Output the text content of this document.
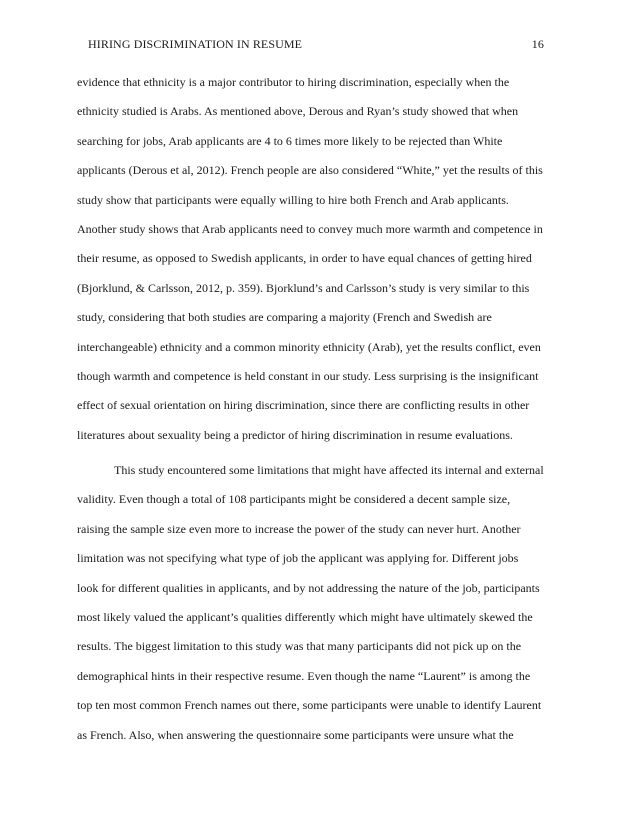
HIRING DISCRIMINATION IN RESUME	16
evidence that ethnicity is a major contributor to hiring discrimination, especially when the
ethnicity studied is Arabs. As mentioned above, Derous and Ryan’s study showed that when
searching for jobs, Arab applicants are 4 to 6 times more likely to be rejected than White
applicants (Derous et al, 2012). French people are also considered “White,” yet the results of this
study show that participants were equally willing to hire both French and Arab applicants.
Another study shows that Arab applicants need to convey much more warmth and competence in
their resume, as opposed to Swedish applicants, in order to have equal chances of getting hired
(Bjorklund, & Carlsson, 2012, p. 359). Bjorklund’s and Carlsson’s study is very similar to this
study, considering that both studies are comparing a majority (French and Swedish are
interchangeable) ethnicity and a common minority ethnicity (Arab), yet the results conflict, even
though warmth and competence is held constant in our study. Less surprising is the insignificant
effect of sexual orientation on hiring discrimination, since there are conflicting results in other
literatures about sexuality being a predictor of hiring discrimination in resume evaluations.
This study encountered some limitations that might have affected its internal and external
validity. Even though a total of 108 participants might be considered a decent sample size,
raising the sample size even more to increase the power of the study can never hurt. Another
limitation was not specifying what type of job the applicant was applying for. Different jobs
look for different qualities in applicants, and by not addressing the nature of the job, participants
most likely valued the applicant’s qualities differently which might have ultimately skewed the
results. The biggest limitation to this study was that many participants did not pick up on the
demographical hints in their respective resume. Even though the name “Laurent” is among the
top ten most common French names out there, some participants were unable to identify Laurent
as French. Also, when answering the questionnaire some participants were unsure what the
